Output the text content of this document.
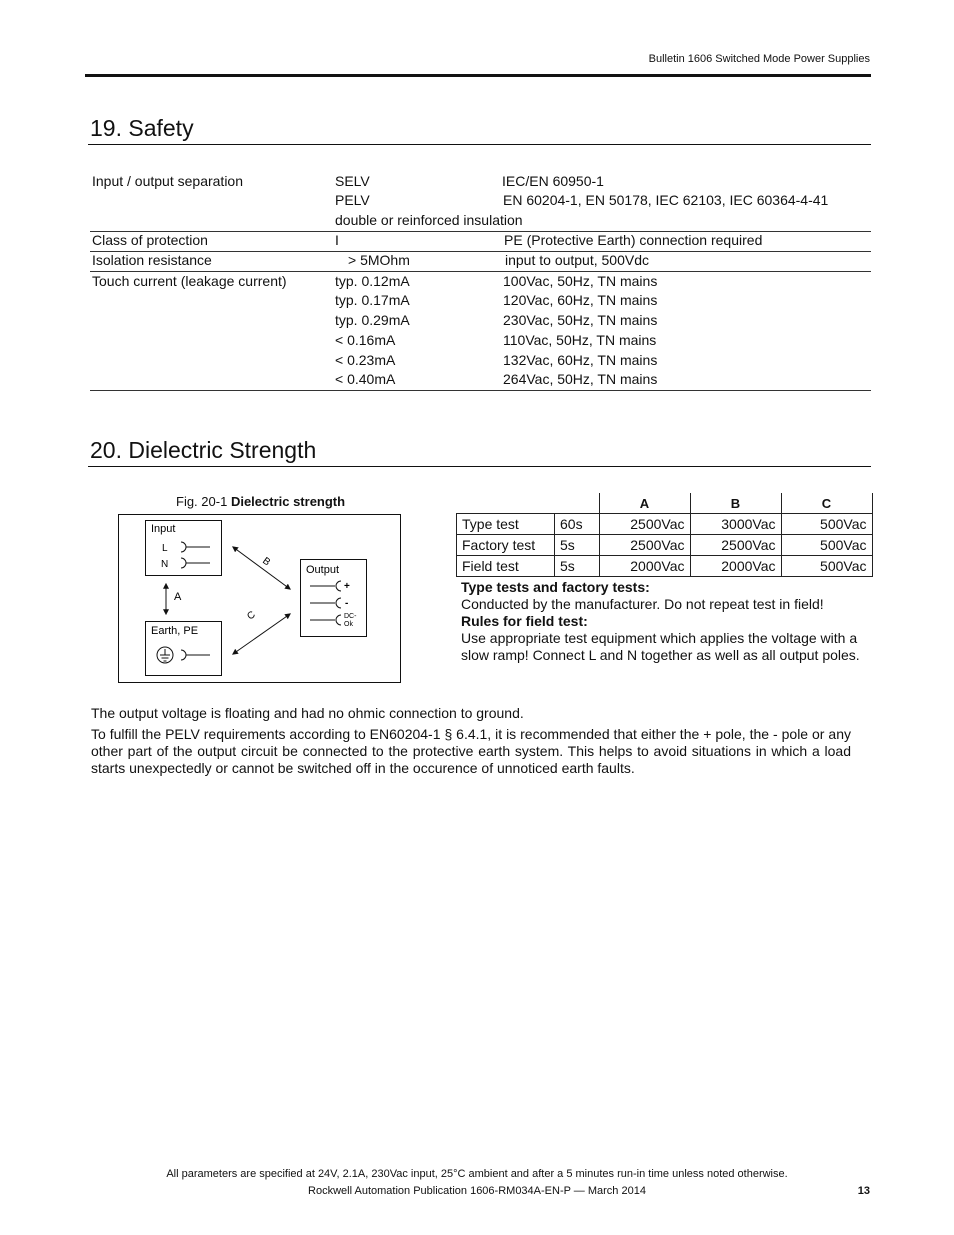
Bulletin 1606 Switched Mode Power Supplies
19. Safety
Input / output separation	SELV	IEC/EN 60950-1
PELV	EN 60204-1, EN 50178, IEC 62103, IEC 60364-4-41
double or reinforced insulation
Class of protection	I	PE (Protective Earth) connection required
Isolation resistance	> 5MOhm	input to output, 500Vdc
Touch current (leakage current)	typ. 0.12mA	100Vac, 50Hz, TN mains
typ. 0.17mA	120Vac, 60Hz, TN mains
typ. 0.29mA	230Vac, 50Hz, TN mains
< 0.16mA	110Vac, 50Hz, TN mains
< 0.23mA	132Vac, 60Hz, TN mains
< 0.40mA	264Vac, 50Hz, TN mains
20. Dielectric Strength
Fig. 20-1 Dielectric strength
Input
L
N	Output
+
-
DC-
Ok
Earth, PE
A
B
C
		A	B	C
Type test	60s	2500Vac	3000Vac	500Vac
Factory test	5s	2500Vac	2500Vac	500Vac
Field test	5s	2000Vac	2000Vac	500Vac
Type tests and factory tests:
Conducted by the manufacturer. Do not repeat test in field!
Rules for field test:
Use appropriate test equipment which applies the voltage with a slow ramp! Connect L and N together as well as all output poles.
The output voltage is floating and had no ohmic connection to ground.
To fulfill the PELV requirements according to EN60204-1 § 6.4.1, it is recommended that either the + pole, the - pole or any other part of the output circuit be connected to the protective earth system. This helps to avoid situations in which a load starts unexpectedly or cannot be switched off in the occurence of unnoticed earth faults.
All parameters are specified at 24V, 2.1A, 230Vac input, 25°C ambient and after a 5 minutes run-in time unless noted otherwise.
Rockwell Automation Publication 1606-RM034A-EN-P — March 2014	13
